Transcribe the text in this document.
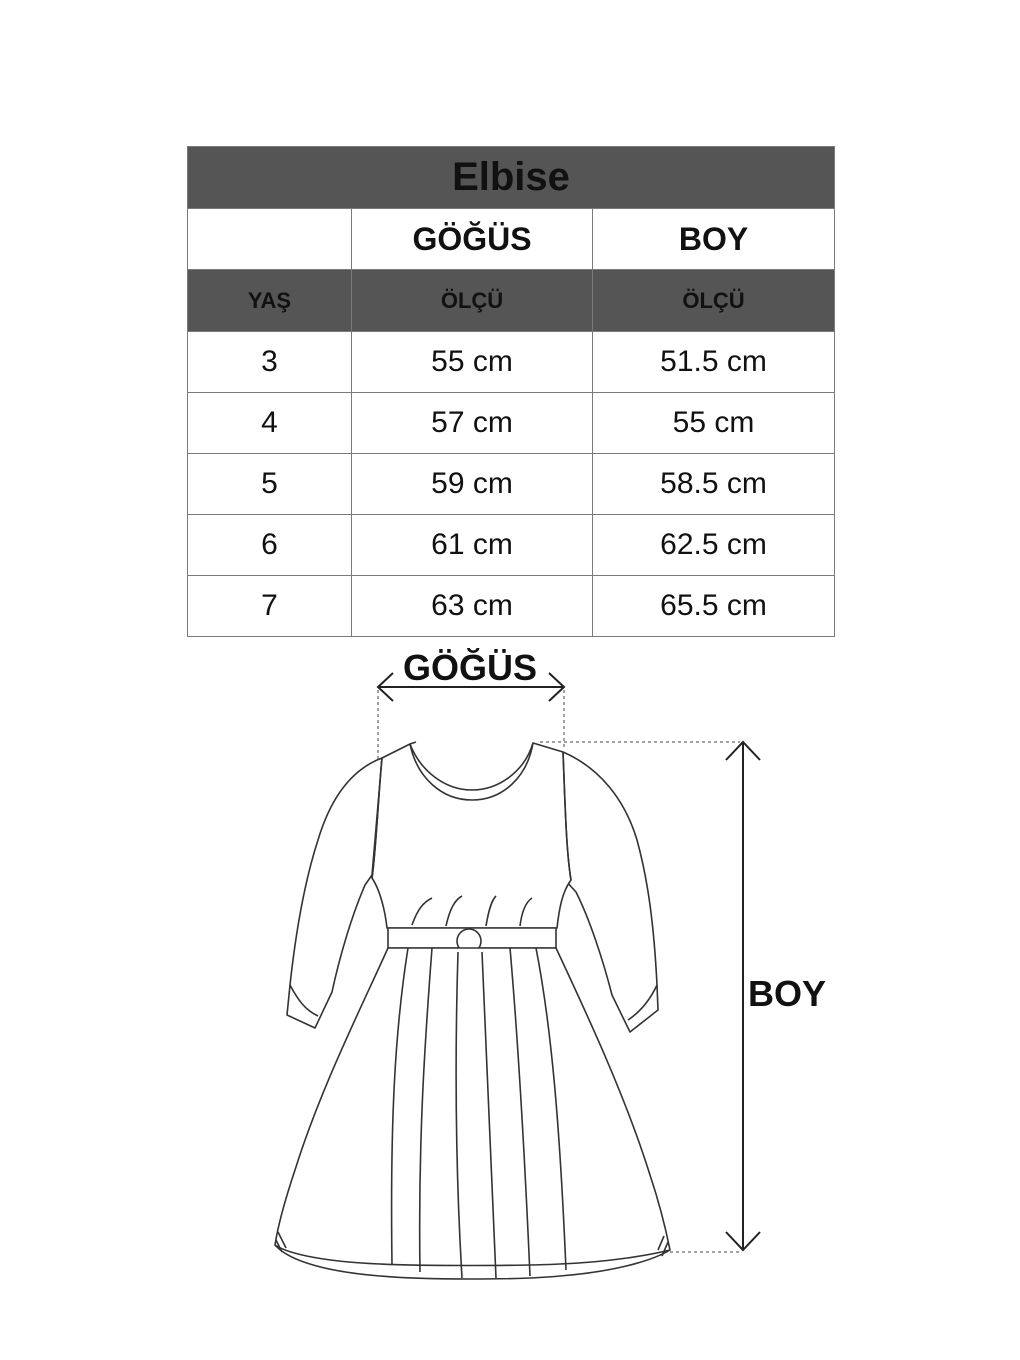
Elbise		
	GÖĞÜS	BOY
YAŞ	ÖLÇÜ	ÖLÇÜ
3	55 cm	51.5 cm
4	57 cm	55 cm
5	59 cm	58.5 cm
6	61 cm	62.5 cm
7	63 cm	65.5 cm
GÖĞÜS
BOY
